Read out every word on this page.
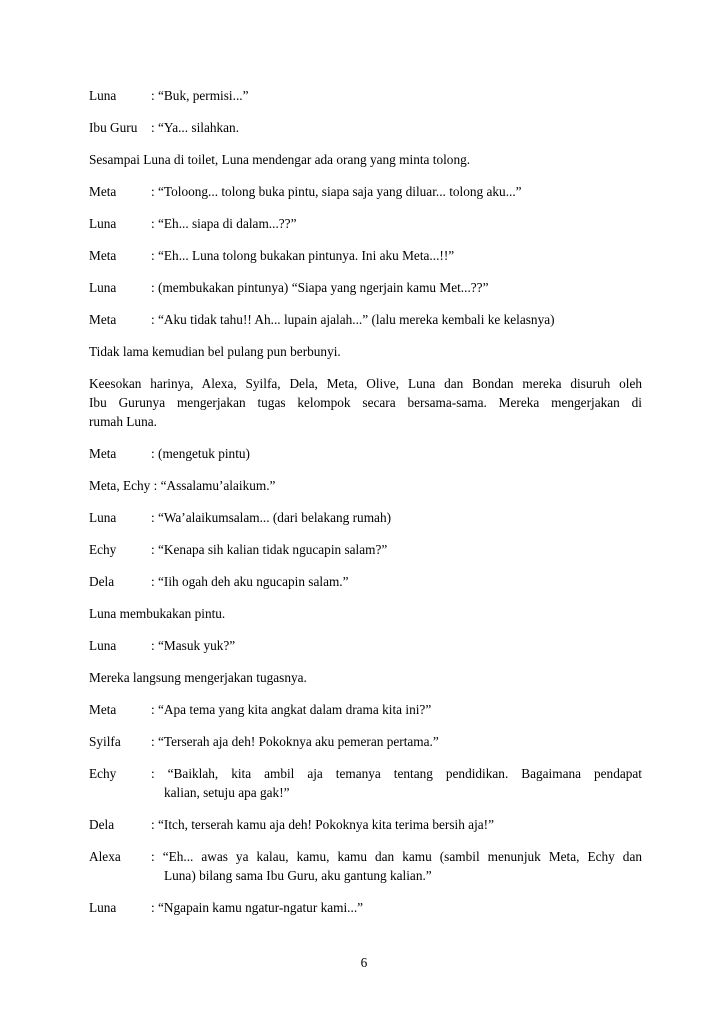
Luna	: “Buk, permisi...”
Ibu Guru	: “Ya... silahkan.
Sesampai Luna di toilet, Luna mendengar ada orang yang minta tolong.
Meta	: “Toloong... tolong buka pintu, siapa saja yang diluar... tolong aku...”
Luna	: “Eh... siapa di dalam...??”
Meta	: “Eh... Luna tolong bukakan pintunya. Ini aku Meta...!!”
Luna	: (membukakan pintunya) “Siapa yang ngerjain kamu Met...??”
Meta	: “Aku tidak tahu!! Ah... lupain ajalah...” (lalu mereka kembali ke kelasnya)
Tidak lama kemudian bel pulang pun berbunyi.
Keesokan harinya, Alexa, Syilfa, Dela, Meta, Olive, Luna dan Bondan mereka disuruh oleh
Ibu Gurunya mengerjakan tugas kelompok secara bersama-sama. Mereka mengerjakan di
rumah Luna.
Meta	: (mengetuk pintu)
Meta, Echy : “Assalamu’alaikum.”
Luna	: “Wa’alaikumsalam... (dari belakang rumah)
Echy	: “Kenapa sih kalian tidak ngucapin salam?”
Dela	: “Iih ogah deh aku ngucapin salam.”
Luna membukakan pintu.
Luna	: “Masuk yuk?”
Mereka langsung mengerjakan tugasnya.
Meta	: “Apa tema yang kita angkat dalam drama kita ini?”
Syilfa	: “Terserah aja deh! Pokoknya aku pemeran pertama.”
Echy	: “Baiklah, kita ambil aja temanya tentang pendidikan. Bagaimana pendapat
kalian, setuju apa gak!”
Dela	: “Itch, terserah kamu aja deh! Pokoknya kita terima bersih aja!”
Alexa	: “Eh... awas ya kalau, kamu, kamu dan kamu (sambil menunjuk Meta, Echy dan
Luna) bilang sama Ibu Guru, aku gantung kalian.”
Luna	: “Ngapain kamu ngatur-ngatur kami...”
6
